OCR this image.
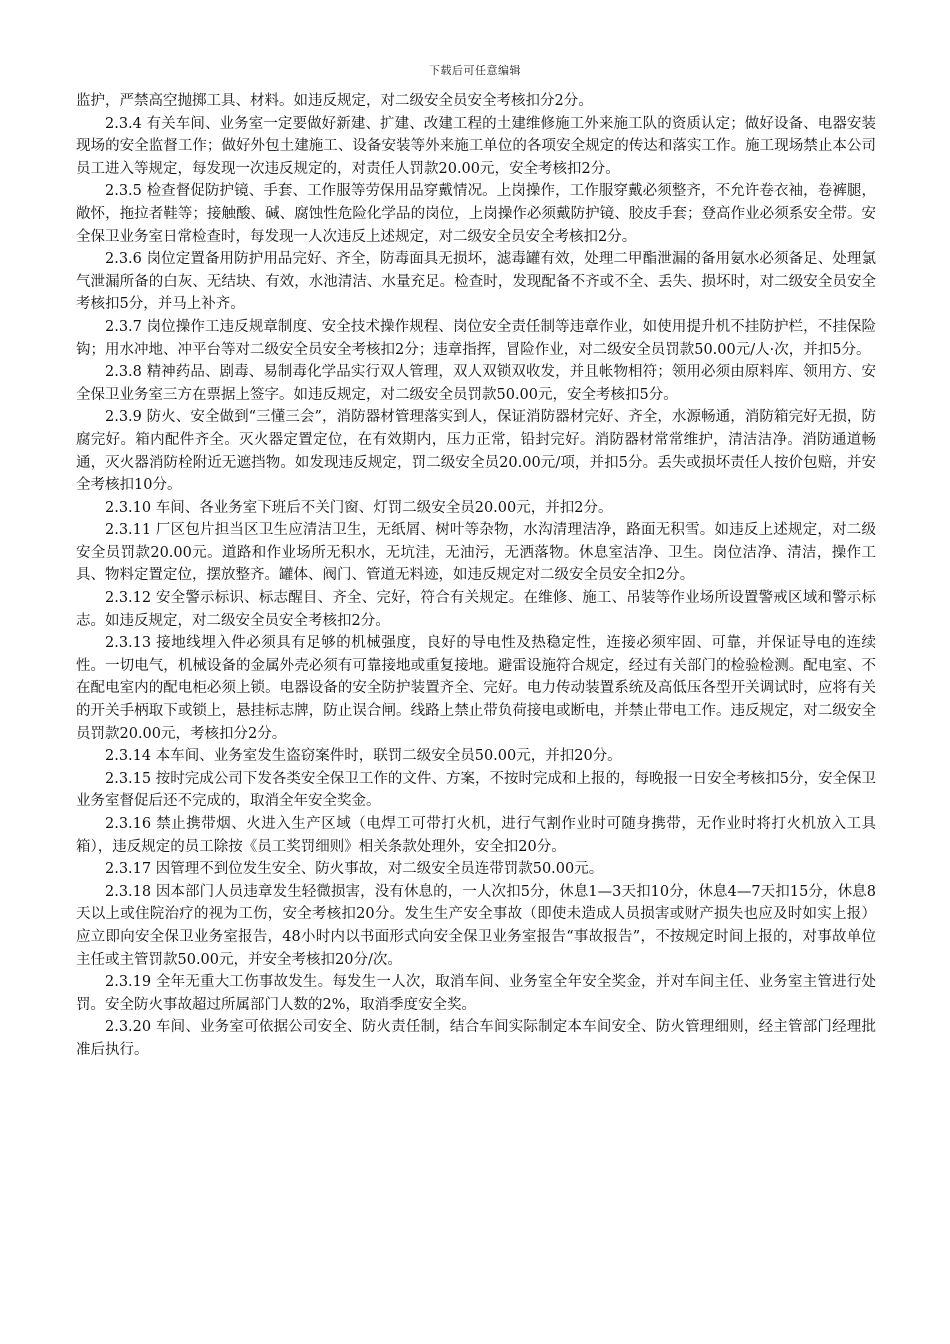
下载后可任意编辑

监护，严禁高空抛掷工具、材料。如违反规定，对二级安全员安全考核扣分2分。

2.3.4 有关车间、业务室一定要做好新建、扩建、改建工程的土建维修施工外来施工队的资质认定；做好设备、电器安装现场的安全监督工作；做好外包土建施工、设备安装等外来施工单位的各项安全规定的传达和落实工作。施工现场禁止本公司员工进入等规定，每发现一次违反规定的，对责任人罚款20.00元，安全考核扣2分。

2.3.5 检查督促防护镜、手套、工作服等劳保用品穿戴情况。上岗操作，工作服穿戴必须整齐，不允许卷衣袖，卷裤腿，敞怀，拖拉者鞋等；接触酸、碱、腐蚀性危险化学品的岗位，上岗操作必须戴防护镜、胶皮手套；登高作业必须系安全带。安全保卫业务室日常检查时，每发现一人次违反上述规定，对二级安全员安全考核扣2分。

2.3.6 岗位定置备用防护用品完好、齐全，防毒面具无损坏，滤毒罐有效，处理二甲酯泄漏的备用氨水必须备足、处理氯气泄漏所备的白灰、无结块、有效，水池清洁、水量充足。检查时，发现配备不齐或不全、丢失、损坏时，对二级安全员安全考核扣5分，并马上补齐。

2.3.7 岗位操作工违反规章制度、安全技术操作规程、岗位安全责任制等违章作业，如使用提升机不挂防护栏，不挂保险钩；用水冲地、冲平台等对二级安全员安全考核扣2分；违章指挥，冒险作业，对二级安全员罚款50.00元/人·次，并扣5分。

2.3.8 精神药品、剧毒、易制毒化学品实行双人管理，双人双锁双收发，并且帐物相符；领用必须由原料库、领用方、安全保卫业务室三方在票据上签字。如违反规定，对二级安全员罚款50.00元，安全考核扣5分。

2.3.9 防火、安全做到“三懂三会”，消防器材管理落实到人，保证消防器材完好、齐全，水源畅通，消防箱完好无损，防腐完好。箱内配件齐全。灭火器定置定位，在有效期内，压力正常，铅封完好。消防器材常常维护，清洁洁净。消防通道畅通，灭火器消防栓附近无遮挡物。如发现违反规定，罚二级安全员20.00元/项，并扣5分。丢失或损坏责任人按价包赔，并安全考核扣10分。

2.3.10 车间、各业务室下班后不关门窗、灯罚二级安全员20.00元，并扣2分。

2.3.11 厂区包片担当区卫生应清洁卫生，无纸屑、树叶等杂物，水沟清理洁净，路面无积雪。如违反上述规定，对二级安全员罚款20.00元。道路和作业场所无积水，无坑洼，无油污，无洒落物。休息室洁净、卫生。岗位洁净、清洁，操作工具、物料定置定位，摆放整齐。罐体、阀门、管道无料迹，如违反规定对二级安全员安全扣2分。

2.3.12 安全警示标识、标志醒目、齐全、完好，符合有关规定。在维修、施工、吊装等作业场所设置警戒区域和警示标志。如违反规定，对二级安全员安全考核扣2分。

2.3.13 接地线埋入件必须具有足够的机械强度，良好的导电性及热稳定性，连接必须牢固、可靠，并保证导电的连续性。一切电气，机械设备的金属外壳必须有可靠接地或重复接地。避雷设施符合规定，经过有关部门的检验检测。配电室、不在配电室内的配电柜必须上锁。电器设备的安全防护装置齐全、完好。电力传动装置系统及高低压各型开关调试时，应将有关的开关手柄取下或锁上，悬挂标志牌，防止误合闸。线路上禁止带负荷接电或断电，并禁止带电工作。违反规定，对二级安全员罚款20.00元，考核扣分2分。

2.3.14 本车间、业务室发生盗窃案件时，联罚二级安全员50.00元，并扣20分。

2.3.15 按时完成公司下发各类安全保卫工作的文件、方案，不按时完成和上报的，每晚报一日安全考核扣5分，安全保卫业务室督促后还不完成的，取消全年安全奖金。

2.3.16 禁止携带烟、火进入生产区域（电焊工可带打火机，进行气割作业时可随身携带，无作业时将打火机放入工具箱），违反规定的员工除按《员工奖罚细则》相关条款处理外，安全扣20分。

2.3.17 因管理不到位发生安全、防火事故，对二级安全员连带罚款50.00元。

2.3.18 因本部门人员违章发生轻微损害，没有休息的，一人次扣5分，休息1—3天扣10分，休息4—7天扣15分，休息8天以上或住院治疗的视为工伤，安全考核扣20分。发生生产安全事故（即使未造成人员损害或财产损失也应及时如实上报）应立即向安全保卫业务室报告，48小时内以书面形式向安全保卫业务室报告“事故报告”，不按规定时间上报的，对事故单位主任或主管罚款50.00元，并安全考核扣20分/次。

2.3.19 全年无重大工伤事故发生。每发生一人次，取消车间、业务室全年安全奖金，并对车间主任、业务室主管进行处罚。安全防火事故超过所属部门人数的2%，取消季度安全奖。

2.3.20 车间、业务室可依据公司安全、防火责任制，结合车间实际制定本车间安全、防火管理细则，经主管部门经理批准后执行。
